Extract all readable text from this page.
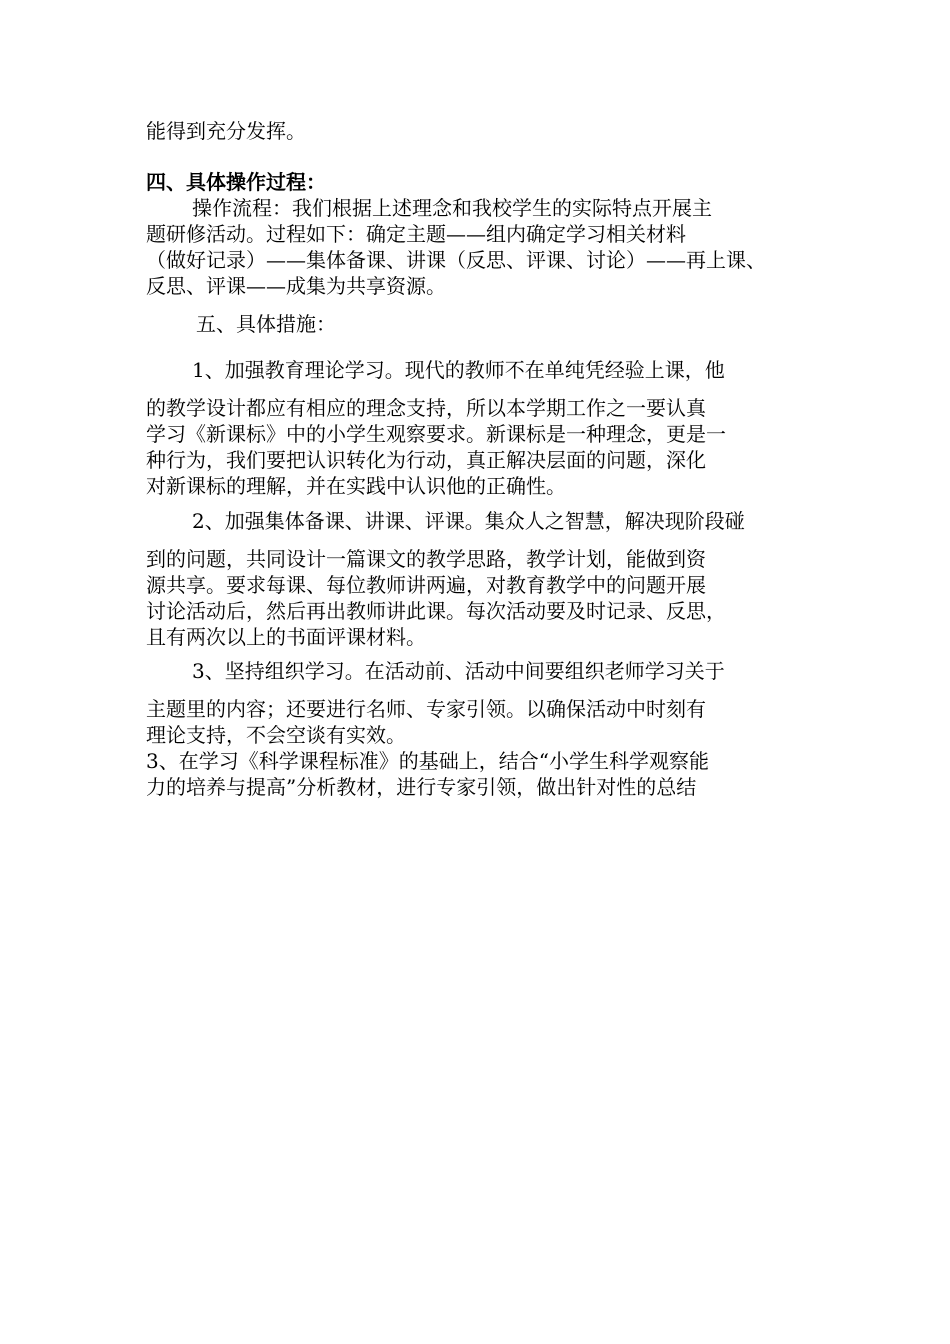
能得到充分发挥。
四、具体操作过程：
操作流程：我们根据上述理念和我校学生的实际特点开展主
题研修活动。过程如下：确定主题——组内确定学习相关材料
（做好记录）——集体备课、讲课（反思、评课、讨论）——再上课、
反思、评课——成集为共享资源。
五、具体措施：
1、加强教育理论学习。现代的教师不在单纯凭经验上课，他
的教学设计都应有相应的理念支持，所以本学期工作之一要认真
学习《新课标》中的小学生观察要求。新课标是一种理念，更是一
种行为，我们要把认识转化为行动，真正解决层面的问题，深化
对新课标的理解，并在实践中认识他的正确性。
2、加强集体备课、讲课、评课。集众人之智慧，解决现阶段碰
到的问题，共同设计一篇课文的教学思路，教学计划，能做到资
源共享。要求每课、每位教师讲两遍，对教育教学中的问题开展
讨论活动后，然后再出教师讲此课。每次活动要及时记录、反思，
且有两次以上的书面评课材料。
3、坚持组织学习。在活动前、活动中间要组织老师学习关于
主题里的内容；还要进行名师、专家引领。以确保活动中时刻有
理论支持，不会空谈有实效。
3、在学习《科学课程标准》的基础上，结合“小学生科学观察能
力的培养与提高”分析教材，进行专家引领，做出针对性的总结
